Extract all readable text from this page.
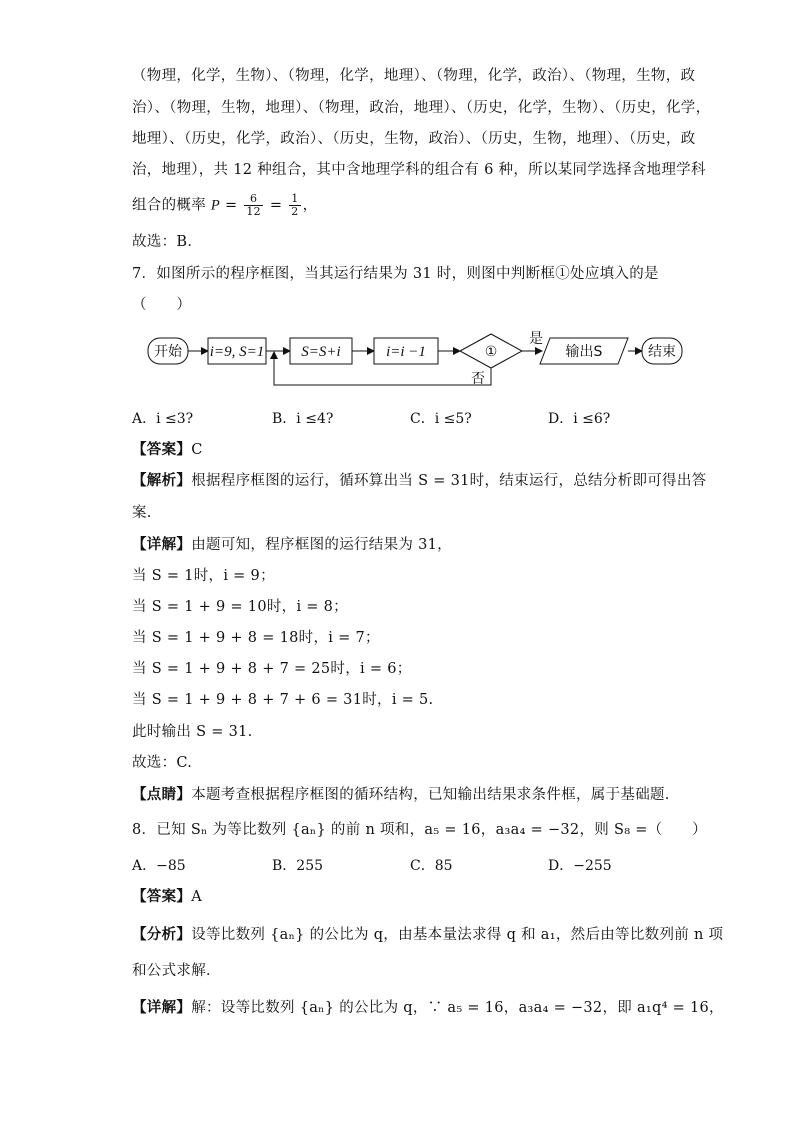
（物理，化学，生物）、（物理，化学，地理）、（物理，化学，政治）、（物理，生物，政
治）、（物理，生物，地理）、（物理，政治，地理）、（历史，化学，生物）、（历史，化学，
地理）、（历史，化学，政治）、（历史，生物，政治）、（历史，生物，地理）、（历史，政
治，地理），共 12 种组合，其中含地理学科的组合有 6 种，所以某同学选择含地理学科
组合的概率 $P = \frac{6}{12} = \frac{1}{2}$ ，
故选：B．
7．如图所示的程序框图，当其运行结果为 31 时，则图中判断框①处应填入的是
（　　）
开始 i=9, S=1 S=S+i	i=i −1	①
是
输出S	结束
否
A．i ≤3?	B．i ≤4?	C．i ≤5?	D．i ≤6?
【答案】C
【解析】根据程序框图的运行，循环算出当 S = 31时，结束运行，总结分析即可得出答
案.
【详解】由题可知，程序框图的运行结果为 31，
当 S = 1时，i = 9；
当 S = 1 + 9 = 10时，i = 8；
当 S = 1 + 9 + 8 = 18时，i = 7；
当 S = 1 + 9 + 8 + 7 = 25时，i = 6；
当 S = 1 + 9 + 8 + 7 + 6 = 31时，i = 5.
此时输出 S = 31.
故选：C.
【点睛】本题考查根据程序框图的循环结构，已知输出结果求条件框，属于基础题.
8．已知 Sₙ 为等比数列 {aₙ} 的前 n 项和，a₅ = 16，a₃a₄ = −32，则 S₈ =（　　）
A．−85	B．255	C．85	D．−255
【答案】A
【分析】设等比数列 {aₙ} 的公比为 q，由基本量法求得 q 和 a₁，然后由等比数列前 n 项
和公式求解．
【详解】解：设等比数列 {aₙ} 的公比为 q，∵ a₅ = 16，a₃a₄ = −32，即 a₁q⁴ = 16，
